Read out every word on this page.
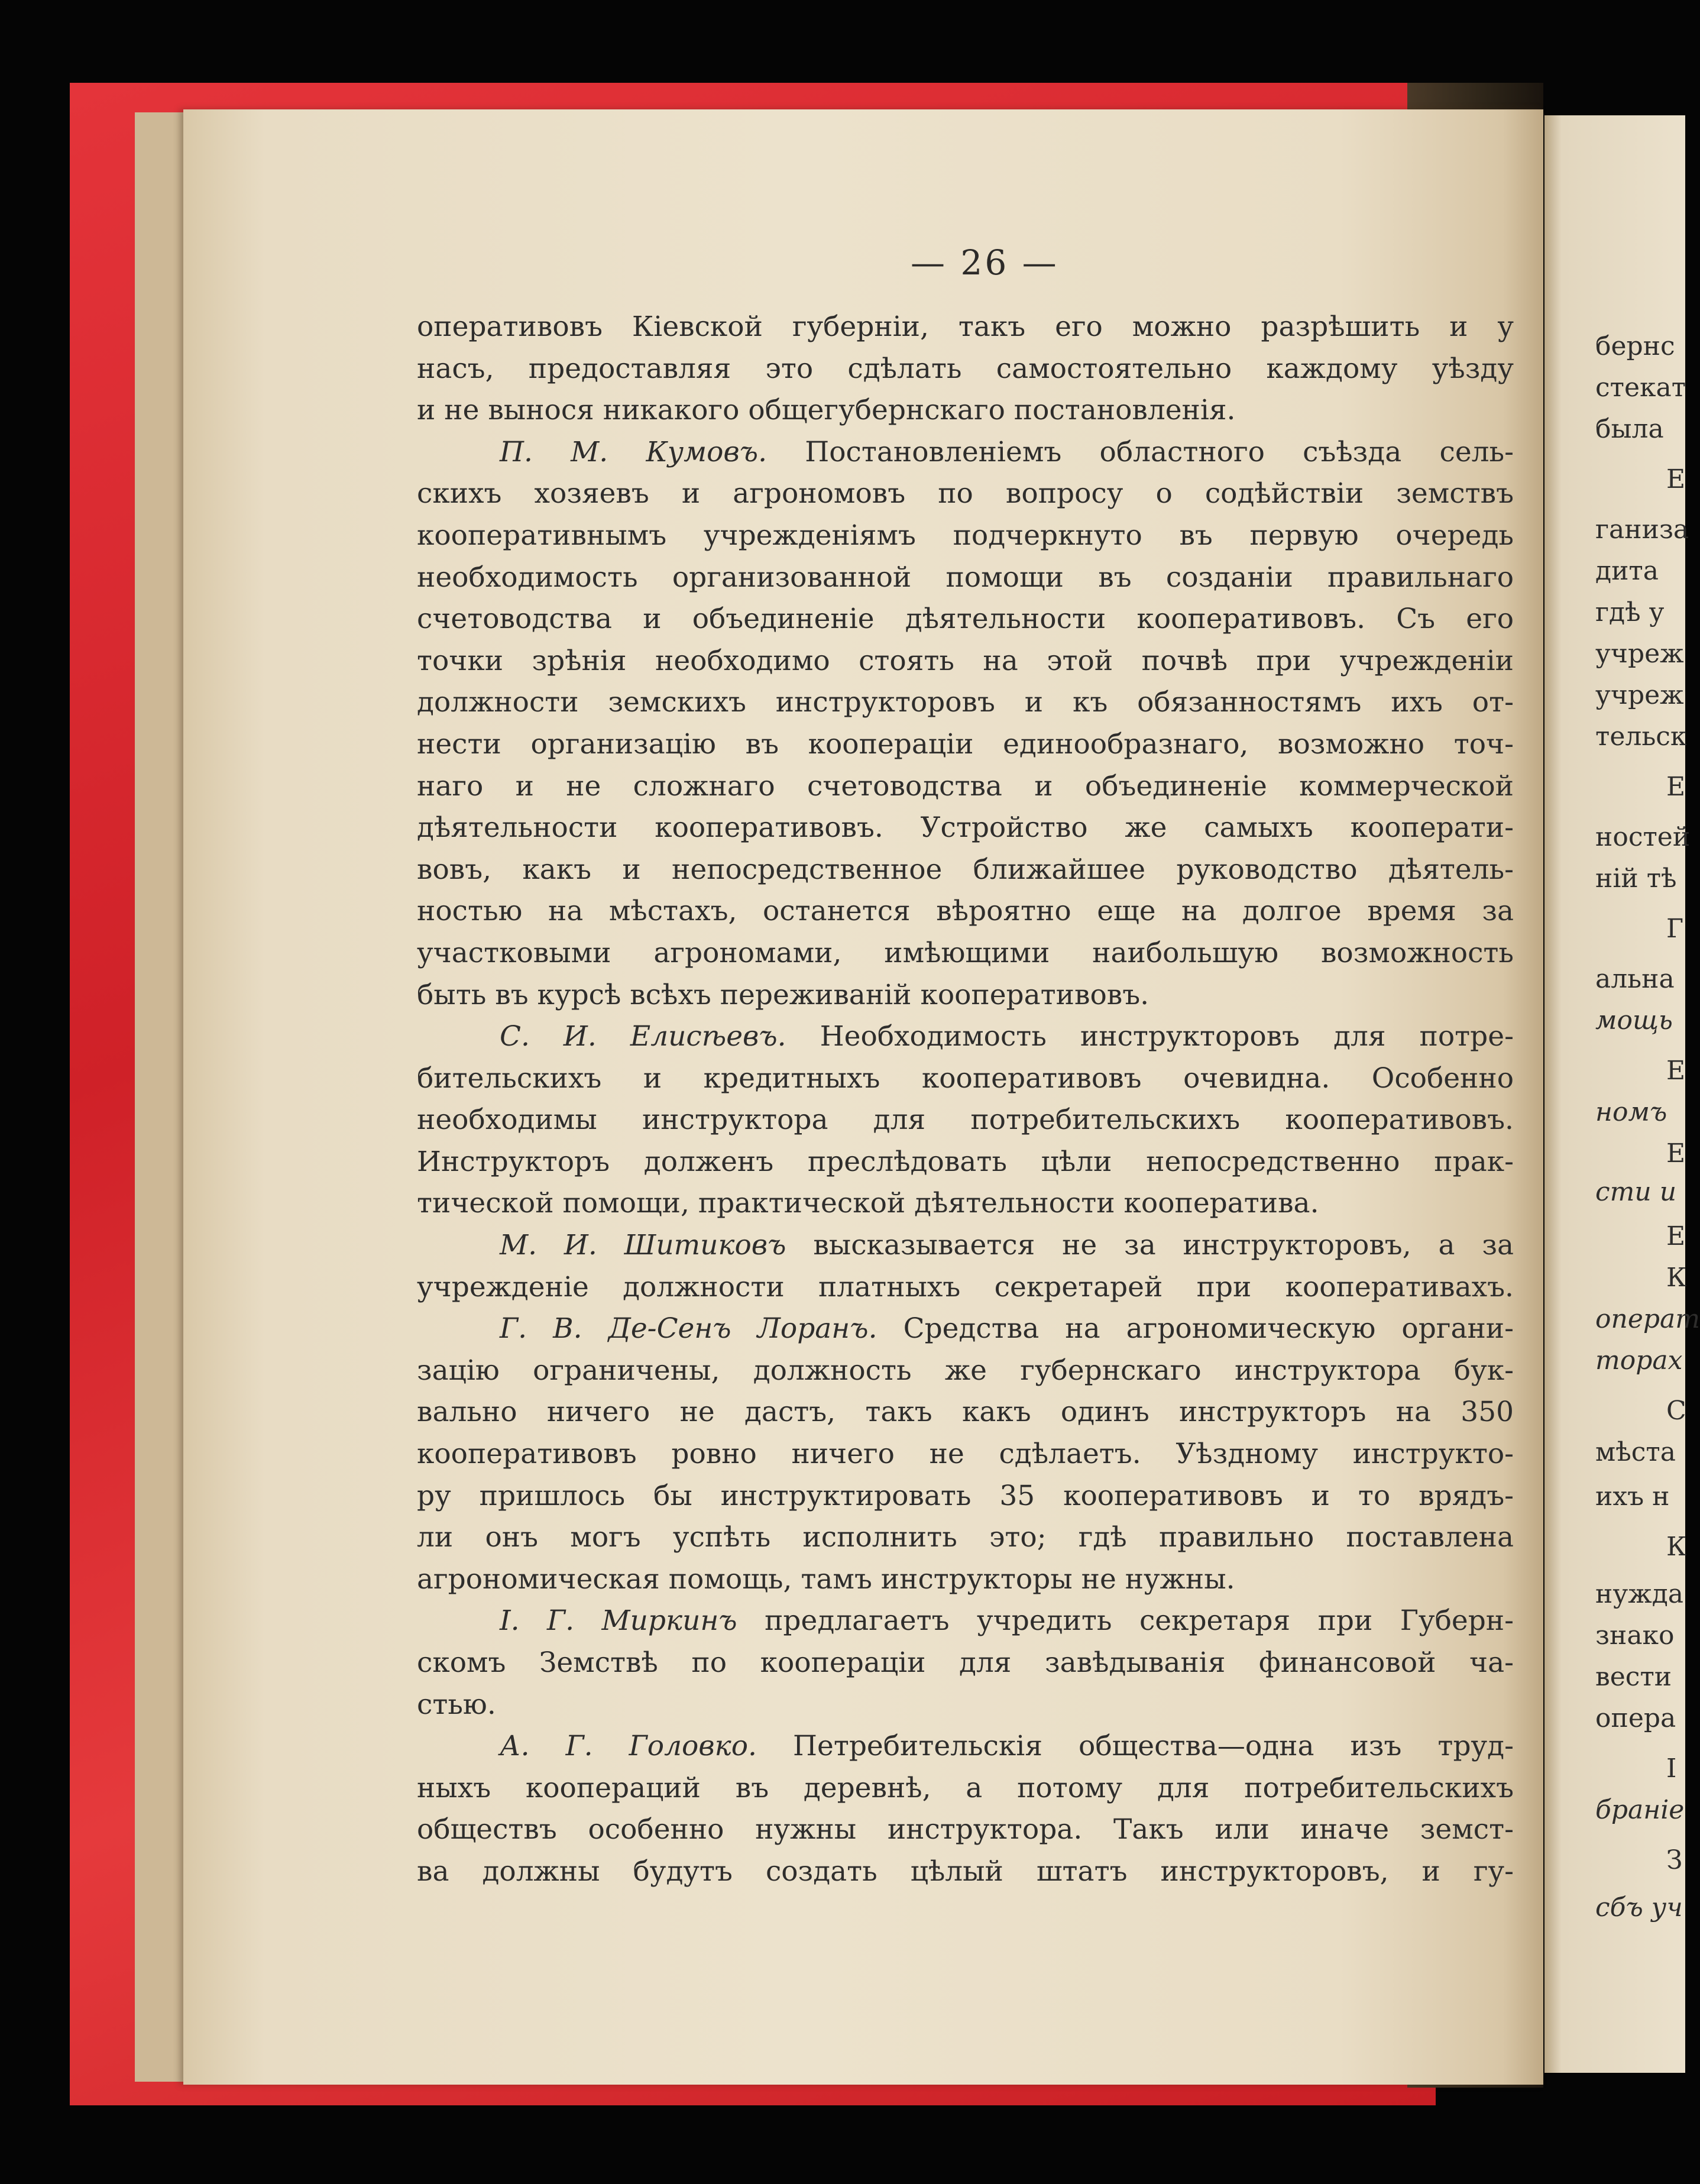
— 26 —
оперативовъ Кіевской губерніи, такъ его можно разрѣшить и у
насъ, предоставляя это сдѣлать самостоятельно каждому уѣзду
и не вынося никакого общегубернскаго постановленія.
П. М. Кумовъ. Постановленіемъ областного съѣзда сель-
скихъ хозяевъ и агрономовъ по вопросу о содѣйствіи земствъ
кооперативнымъ учрежденіямъ подчеркнуто въ первую очередь
необходимость организованной помощи въ созданіи правильнаго
счетоводства и объединеніе дѣятельности кооперативовъ. Съ его
точки зрѣнія необходимо стоять на этой почвѣ при учрежденіи
должности земскихъ инструкторовъ и къ обязанностямъ ихъ от-
нести организацію въ коопераціи единообразнаго, возможно точ-
наго и не сложнаго счетоводства и объединеніе коммерческой
дѣятельности кооперативовъ. Устройство же самыхъ кооперати-
вовъ, какъ и непосредственное ближайшее руководство дѣятель-
ностью на мѣстахъ, останется вѣроятно еще на долгое время за
участковыми агрономами, имѣющими наибольшую возможность
быть въ курсѣ всѣхъ переживаній кооперативовъ.
С. И. Елисѣевъ. Необходимость инструкторовъ для потре-
бительскихъ и кредитныхъ кооперативовъ очевидна. Особенно
необходимы инструктора для потребительскихъ кооперативовъ.
Инструкторъ долженъ преслѣдовать цѣли непосредственно прак-
тической помощи, практической дѣятельности кооператива.
М. И. Шитиковъ высказывается не за инструкторовъ, а за
учрежденіе должности платныхъ секретарей при кооперативахъ.
Г. В. Де-Сенъ Лоранъ. Средства на агрономическую органи-
зацію ограничены, должность же губернскаго инструктора бук-
вально ничего не дастъ, такъ какъ одинъ инструкторъ на 350
кооперативовъ ровно ничего не сдѣлаетъ. Уѣздному инструкто-
ру пришлось бы инструктировать 35 кооперативовъ и то врядъ-
ли онъ могъ успѣть исполнить это; гдѣ правильно поставлена
агрономическая помощь, тамъ инструкторы не нужны.
І. Г. Миркинъ предлагаетъ учредить секретаря при Губерн-
скомъ Земствѣ по коопераціи для завѣдыванія финансовой ча-
стью.
А. Г. Головко. Петребительскія общества—одна изъ труд-
ныхъ коопераций въ деревнѣ, а потому для потребительскихъ
обществъ особенно нужны инструктора. Такъ или иначе земст-
ва должны будутъ создать цѣлый штатъ инструкторовъ, и гу-
бернс
стекат
была
Е
ганиза
дита
гдѣ у
учреж
учреж
тельск
Е
ностей
ній тѣ
Г
альна
мощь
Е
номъ
Е
сти и
Е
К
операт
торах
С
мѣста
ихъ н
К
нужда
знако
вести
опера
І
браніе
З
сбъ уч
